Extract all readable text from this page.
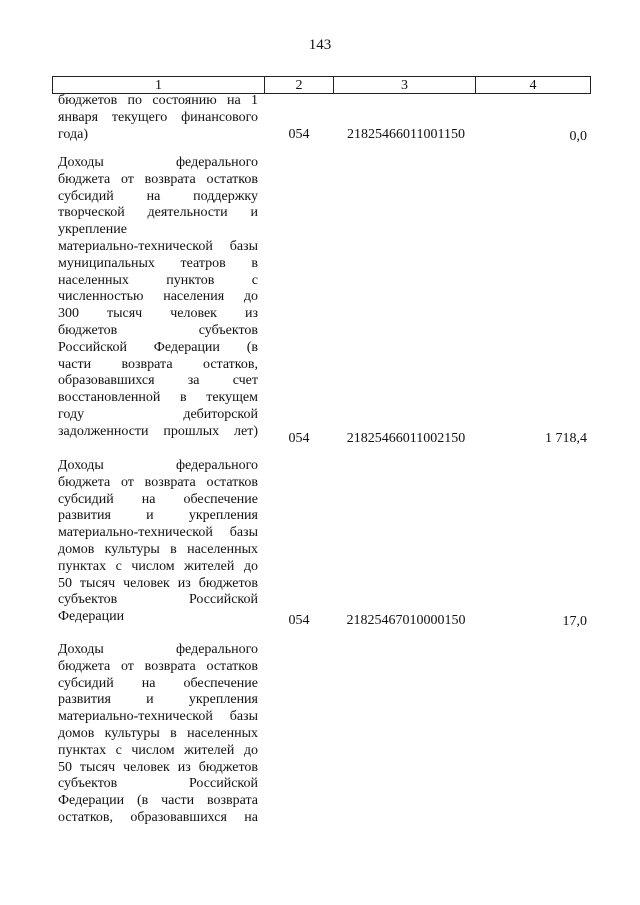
143
1	2	3	4
бюджетов по состоянию на 1
января текущего финансового
года)	054	21825466011001150	0,0
Доходы федерального
бюджета от возврата остатков
субсидий на поддержку
творческой деятельности и
укрепление
материально-технической базы
муниципальных театров в
населенных пунктов с
численностью населения до
300 тысяч человек из
бюджетов субъектов
Российской Федерации (в
части возврата остатков,
образовавшихся за счет
восстановленной в текущем
году дебиторской
задолженности прошлых лет)	054	21825466011002150	1 718,4
Доходы федерального
бюджета от возврата остатков
субсидий на обеспечение
развития и укрепления
материально-технической базы
домов культуры в населенных
пунктах с числом жителей до
50 тысяч человек из бюджетов
субъектов Российской
Федерации	054	21825467010000150	17,0
Доходы федерального
бюджета от возврата остатков
субсидий на обеспечение
развития и укрепления
материально-технической базы
домов культуры в населенных
пунктах с числом жителей до
50 тысяч человек из бюджетов
субъектов Российской
Федерации (в части возврата
остатков, образовавшихся на
